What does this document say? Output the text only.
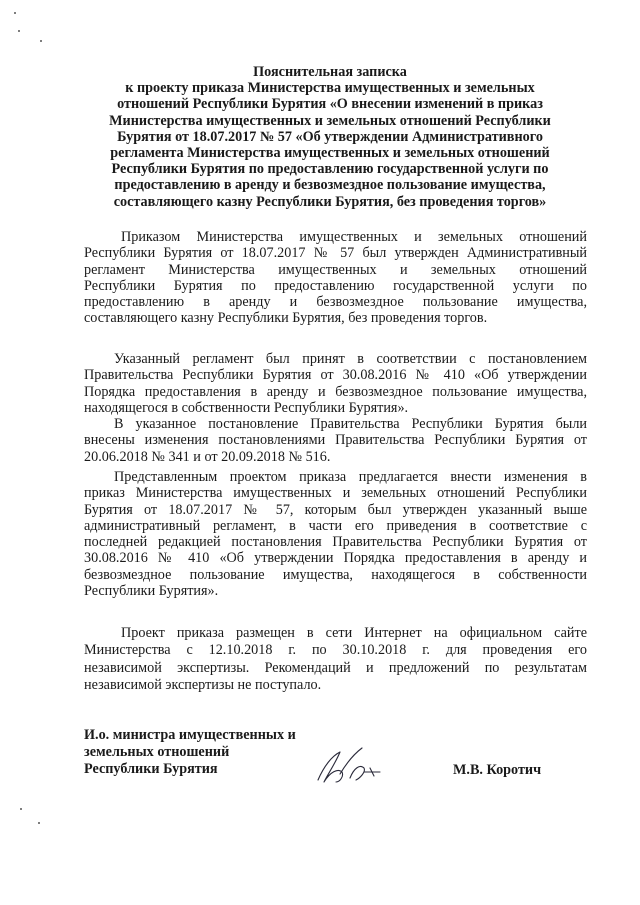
Пояснительная записка
к проекту приказа Министерства имущественных и земельных
отношений Республики Бурятия «О внесении изменений в приказ
Министерства имущественных и земельных отношений Республики
Бурятия от 18.07.2017 № 57 «Об утверждении Административного
регламента Министерства имущественных и земельных отношений
Республики Бурятия по предоставлению государственной услуги по
предоставлению в аренду и безвозмездное пользование имущества,
составляющего казну Республики Бурятия, без проведения торгов»
Приказом Министерства имущественных и земельных отношений
Республики Бурятия от 18.07.2017 № 57 был утвержден Административный
регламент Министерства имущественных и земельных отношений
Республики Бурятия по предоставлению государственной услуги по
предоставлению в аренду и безвозмездное пользование имущества,
составляющего казну Республики Бурятия, без проведения торгов.
Указанный регламент был принят в соответствии с постановлением
Правительства Республики Бурятия от 30.08.2016 № 410 «Об утверждении
Порядка предоставления в аренду и безвозмездное пользование имущества,
находящегося в собственности Республики Бурятия».
В указанное постановление Правительства Республики Бурятия были
внесены изменения постановлениями Правительства Республики Бурятия от
20.06.2018 № 341 и от 20.09.2018 № 516.
Представленным проектом приказа предлагается внести изменения в
приказ Министерства имущественных и земельных отношений Республики
Бурятия от 18.07.2017 № 57, которым был утвержден указанный выше
административный регламент, в части его приведения в соответствие с
последней редакцией постановления Правительства Республики Бурятия от
30.08.2016 № 410 «Об утверждении Порядка предоставления в аренду и
безвозмездное пользование имущества, находящегося в собственности
Республики Бурятия».
Проект приказа размещен в сети Интернет на официальном сайте
Министерства с 12.10.2018 г. по 30.10.2018 г. для проведения его
независимой экспертизы. Рекомендаций и предложений по результатам
независимой экспертизы не поступало.
И.о. министра имущественных и
земельных отношений
Республики Бурятия	М.В. Коротич
